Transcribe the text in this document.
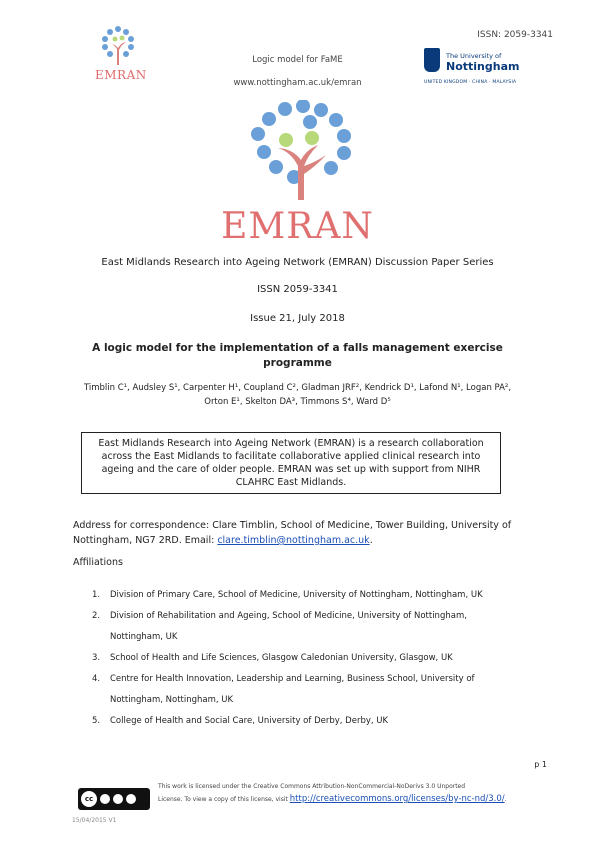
ISSN: 2059-3341
EMRAN
Logic model for FaME
www.nottingham.ac.uk/emran
The University of
Nottingham
UNITED KINGDOM · CHINA · MALAYSIA
EMRAN
East Midlands Research into Ageing Network (EMRAN) Discussion Paper Series
ISSN 2059-3341
Issue 21, July 2018
A logic model for the implementation of a falls management exercise programme
Timblin C¹, Audsley S¹, Carpenter H¹, Coupland C², Gladman JRF², Kendrick D¹, Lafond N¹, Logan PA²,
Orton E¹, Skelton DA³, Timmons S⁴, Ward D⁵
East Midlands Research into Ageing Network (EMRAN) is a research collaboration across the East Midlands to facilitate collaborative applied clinical research into ageing and the care of older people. EMRAN was set up with support from NIHR CLAHRC East Midlands.
Address for correspondence: Clare Timblin, School of Medicine, Tower Building, University of Nottingham, NG7 2RD. Email: clare.timblin@nottingham.ac.uk.
Affiliations
1.	Division of Primary Care, School of Medicine, University of Nottingham, Nottingham, UK
2.	Division of Rehabilitation and Ageing, School of Medicine, University of Nottingham, Nottingham, UK
3.	School of Health and Life Sciences, Glasgow Caledonian University, Glasgow, UK
4.	Centre for Health Innovation, Leadership and Learning, Business School, University of Nottingham, Nottingham, UK
5.	College of Health and Social Care, University of Derby, Derby, UK
p 1
cc
This work is licensed under the Creative Commons Attribution-NonCommercial-NoDerivs 3.0 Unported
License. To view a copy of this license, visit http://creativecommons.org/licenses/by-nc-nd/3.0/.
15/04/2015 V1
